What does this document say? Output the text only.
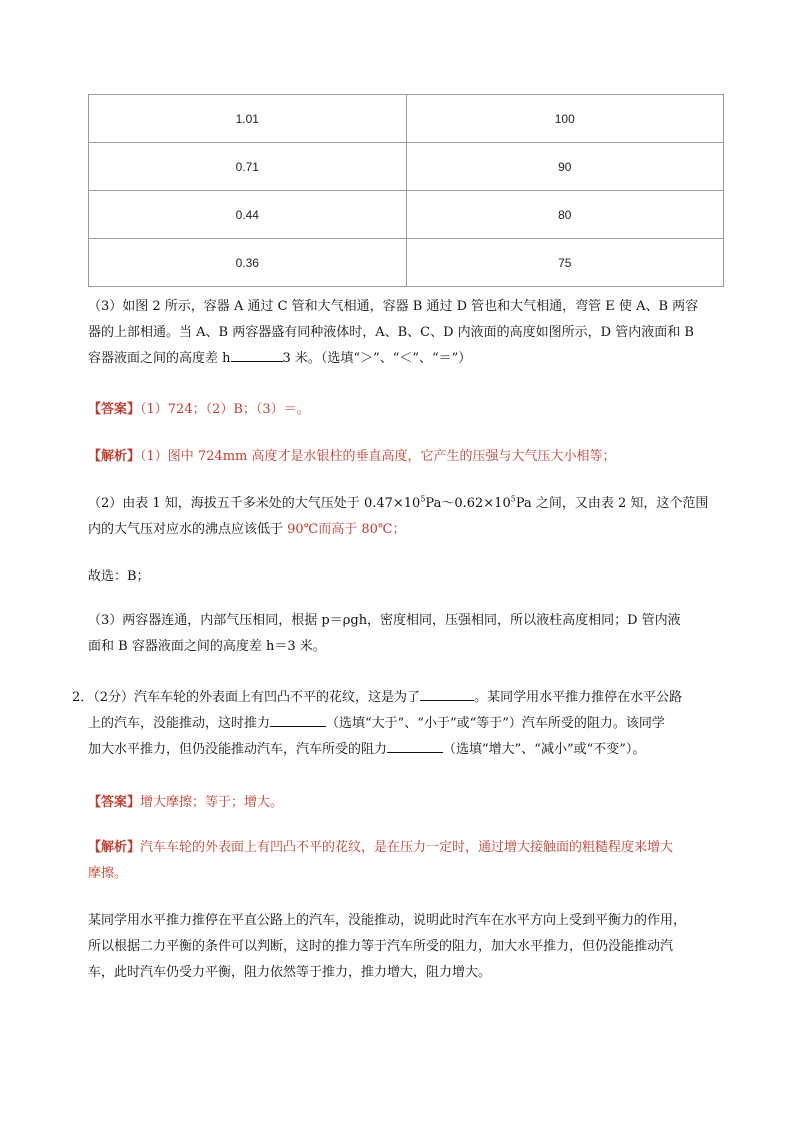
1.01	100
0.71	90
0.44	80
0.36	75
（3）如图 2 所示，容器 A 通过 C 管和大气相通，容器 B 通过 D 管也和大气相通，弯管 E 使 A、B 两容
器的上部相通。当 A、B 两容器盛有同种液体时，A、B、C、D 内液面的高度如图所示，D 管内液面和 B
容器液面之间的高度差 h	3 米。（选填“＞”、“＜”、“＝”）
【答案】（1）724；（2）B；（3）＝。
【解析】（1）图中 724mm 高度才是水银柱的垂直高度，它产生的压强与大气压大小相等；
（2）由表 1 知，海拔五千多米处的大气压处于 $0.47\times 10^5Pa\sim 0.62\times 10^5Pa$ 之间，又由表 2 知，这个范围
内的大气压对应水的沸点应该低于 90℃而高于 80℃；
故选：B；
（3）两容器连通，内部气压相同，根据 p＝ρgh，密度相同，压强相同，所以液柱高度相同；D 管内液
面和 B 容器液面之间的高度差 h＝3 米。
2．（2分）汽车车轮的外表面上有凹凸不平的花纹，这是为了	。某同学用水平推力推停在水平公路
上的汽车，没能推动，这时推力	（选填“大于”、“小于”或“等于”）汽车所受的阻力。该同学
加大水平推力，但仍没能推动汽车，汽车所受的阻力	（选填“增大”、“减小”或“不变”）。
【答案】增大摩擦；等于；增大。
【解析】汽车车轮的外表面上有凹凸不平的花纹，是在压力一定时，通过增大接触面的粗糙程度来增大
摩擦。
某同学用水平推力推停在平直公路上的汽车，没能推动，说明此时汽车在水平方向上受到平衡力的作用，
所以根据二力平衡的条件可以判断，这时的推力等于汽车所受的阻力，加大水平推力，但仍没能推动汽
车，此时汽车仍受力平衡，阻力依然等于推力，推力增大，阻力增大。
